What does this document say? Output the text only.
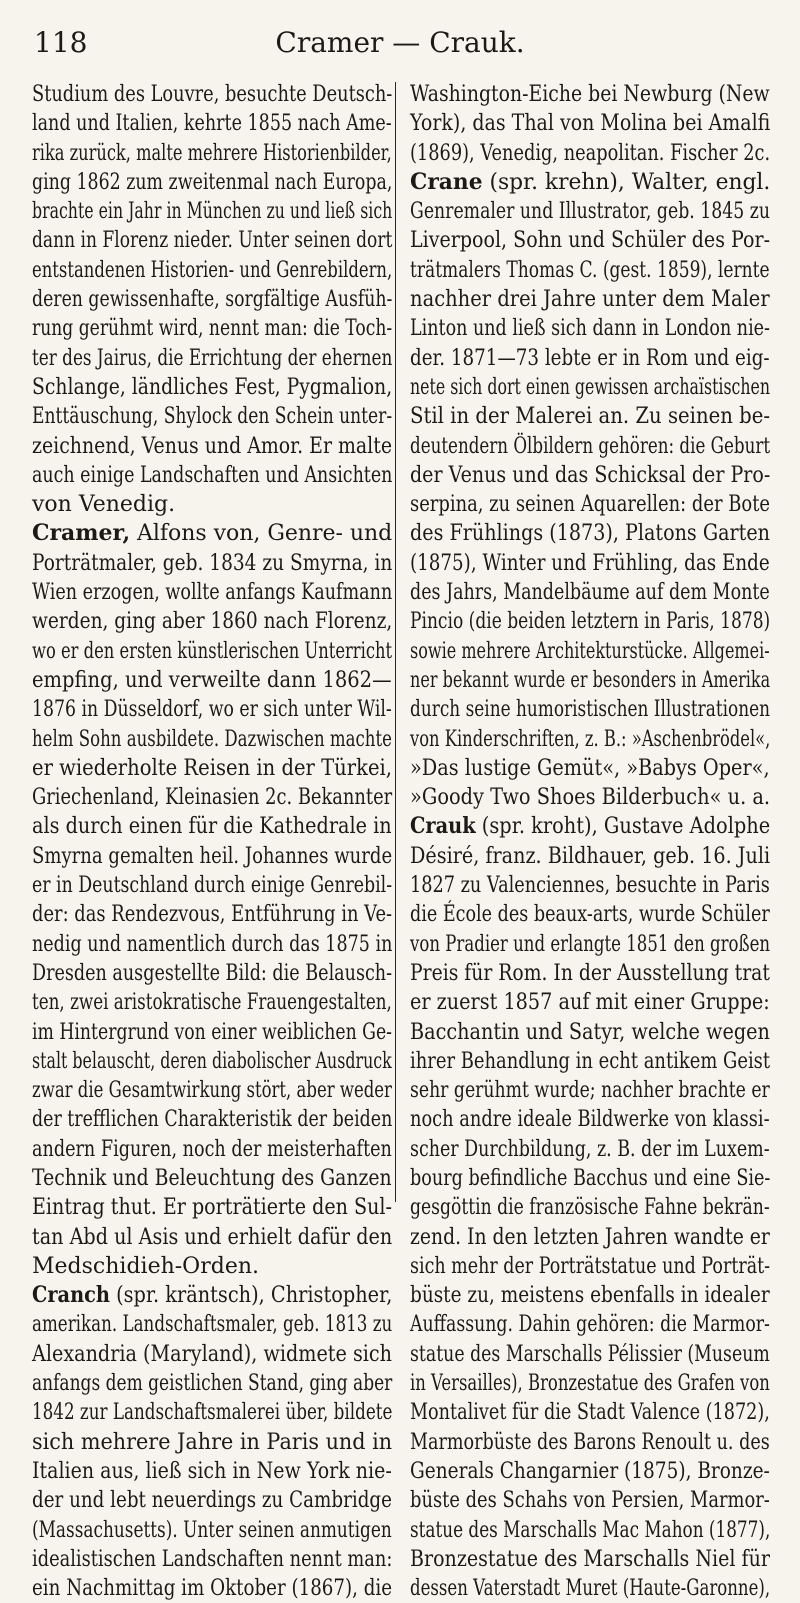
118	Cramer — Crauk.
Studium des Louvre, besuchte Deutsch-
land und Italien, kehrte 1855 nach Ame-
rika zurück, malte mehrere Historienbilder,
ging 1862 zum zweitenmal nach Europa,
brachte ein Jahr in München zu und ließ sich
dann in Florenz nieder. Unter seinen dort
entstandenen Historien- und Genrebildern,
deren gewissenhafte, sorgfältige Ausfüh-
rung gerühmt wird, nennt man: die Toch-
ter des Jairus, die Errichtung der ehernen
Schlange, ländliches Fest, Pygmalion,
Enttäuschung, Shylock den Schein unter-
zeichnend, Venus und Amor. Er malte
auch einige Landschaften und Ansichten
von Venedig.
Cramer, Alfons von, Genre- und
Porträtmaler, geb. 1834 zu Smyrna, in
Wien erzogen, wollte anfangs Kaufmann
werden, ging aber 1860 nach Florenz,
wo er den ersten künstlerischen Unterricht
empfing, und verweilte dann 1862—
1876 in Düsseldorf, wo er sich unter Wil-
helm Sohn ausbildete. Dazwischen machte
er wiederholte Reisen in der Türkei,
Griechenland, Kleinasien 2c. Bekannter
als durch einen für die Kathedrale in
Smyrna gemalten heil. Johannes wurde
er in Deutschland durch einige Genrebil-
der: das Rendezvous, Entführung in Ve-
nedig und namentlich durch das 1875 in
Dresden ausgestellte Bild: die Belausch-
ten, zwei aristokratische Frauengestalten,
im Hintergrund von einer weiblichen Ge-
stalt belauscht, deren diabolischer Ausdruck
zwar die Gesamtwirkung stört, aber weder
der trefflichen Charakteristik der beiden
andern Figuren, noch der meisterhaften
Technik und Beleuchtung des Ganzen
Eintrag thut. Er porträtierte den Sul-
tan Abd ul Asis und erhielt dafür den
Medschidieh-Orden.
Cranch (spr. kräntsch), Christopher,
amerikan. Landschaftsmaler, geb. 1813 zu
Alexandria (Maryland), widmete sich
anfangs dem geistlichen Stand, ging aber
1842 zur Landschaftsmalerei über, bildete
sich mehrere Jahre in Paris und in
Italien aus, ließ sich in New York nie-
der und lebt neuerdings zu Cambridge
(Massachusetts). Unter seinen anmutigen
idealistischen Landschaften nennt man:
ein Nachmittag im Oktober (1867), die
Washington-Eiche bei Newburg (New
York), das Thal von Molina bei Amalfi
(1869), Venedig, neapolitan. Fischer 2c.
Crane (spr. krehn), Walter, engl.
Genremaler und Illustrator, geb. 1845 zu
Liverpool, Sohn und Schüler des Por-
trätmalers Thomas C. (gest. 1859), lernte
nachher drei Jahre unter dem Maler
Linton und ließ sich dann in London nie-
der. 1871—73 lebte er in Rom und eig-
nete sich dort einen gewissen archaïstischen
Stil in der Malerei an. Zu seinen be-
deutendern Ölbildern gehören: die Geburt
der Venus und das Schicksal der Pro-
serpina, zu seinen Aquarellen: der Bote
des Frühlings (1873), Platons Garten
(1875), Winter und Frühling, das Ende
des Jahrs, Mandelbäume auf dem Monte
Pincio (die beiden letztern in Paris, 1878)
sowie mehrere Architekturstücke. Allgemei-
ner bekannt wurde er besonders in Amerika
durch seine humoristischen Illustrationen
von Kinderschriften, z. B.: »Aschenbrödel«,
»Das lustige Gemüt«, »Babys Oper«,
»Goody Two Shoes Bilderbuch« u. a.
Crauk (spr. kroht), Gustave Adolphe
Désiré, franz. Bildhauer, geb. 16. Juli
1827 zu Valenciennes, besuchte in Paris
die École des beaux-arts, wurde Schüler
von Pradier und erlangte 1851 den großen
Preis für Rom. In der Ausstellung trat
er zuerst 1857 auf mit einer Gruppe:
Bacchantin und Satyr, welche wegen
ihrer Behandlung in echt antikem Geist
sehr gerühmt wurde; nachher brachte er
noch andre ideale Bildwerke von klassi-
scher Durchbildung, z. B. der im Luxem-
bourg befindliche Bacchus und eine Sie-
gesgöttin die französische Fahne bekrän-
zend. In den letzten Jahren wandte er
sich mehr der Porträtstatue und Porträt-
büste zu, meistens ebenfalls in idealer
Auffassung. Dahin gehören: die Marmor-
statue des Marschalls Pélissier (Museum
in Versailles), Bronzestatue des Grafen von
Montalivet für die Stadt Valence (1872),
Marmorbüste des Barons Renoult u. des
Generals Changarnier (1875), Bronze-
büste des Schahs von Persien, Marmor-
statue des Marschalls Mac Mahon (1877),
Bronzestatue des Marschalls Niel für
dessen Vaterstadt Muret (Haute-Garonne),
